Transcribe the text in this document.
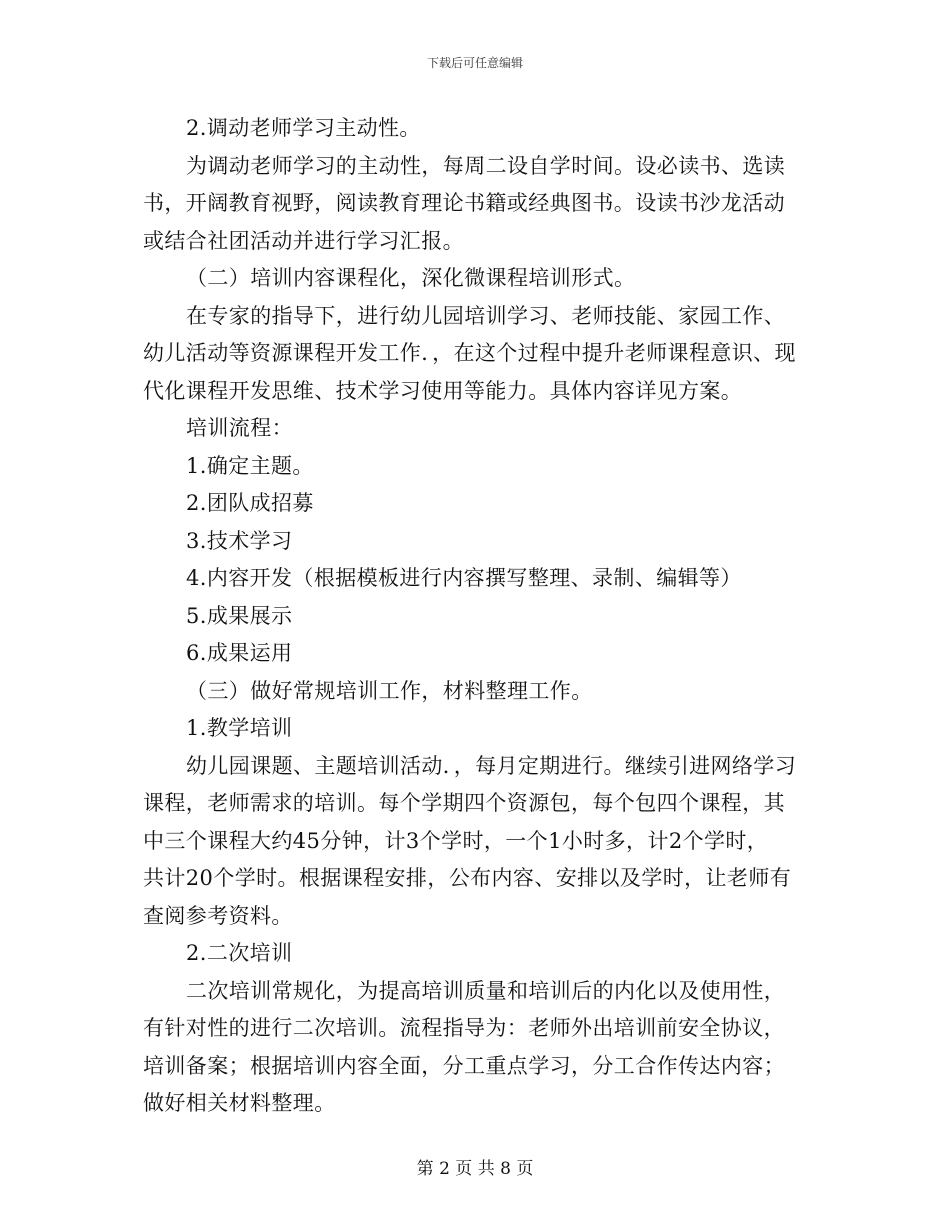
下载后可任意编辑
2.调动老师学习主动性。
为调动老师学习的主动性，每周二设自学时间。设必读书、选读
书，开阔教育视野，阅读教育理论书籍或经典图书。设读书沙龙活动
或结合社团活动并进行学习汇报。
（二）培训内容课程化，深化微课程培训形式。
在专家的指导下，进行幼儿园培训学习、老师技能、家园工作、
幼儿活动等资源课程开发工作．，在这个过程中提升老师课程意识、现
代化课程开发思维、技术学习使用等能力。具体内容详见方案。
培训流程：
1.确定主题。
2.团队成招募
3.技术学习
4.内容开发（根据模板进行内容撰写整理、录制、编辑等）
5.成果展示
6.成果运用
（三）做好常规培训工作，材料整理工作。
1.教学培训
幼儿园课题、主题培训活动．，每月定期进行。继续引进网络学习
课程，老师需求的培训。每个学期四个资源包，每个包四个课程，其
中三个课程大约45分钟，计3个学时，一个1小时多，计2个学时，
共计20个学时。根据课程安排，公布内容、安排以及学时，让老师有
查阅参考资料。
2.二次培训
二次培训常规化，为提高培训质量和培训后的内化以及使用性，
有针对性的进行二次培训。流程指导为：老师外出培训前安全协议，
培训备案；根据培训内容全面，分工重点学习，分工合作传达内容；
做好相关材料整理。
第 2 页 共 8 页
